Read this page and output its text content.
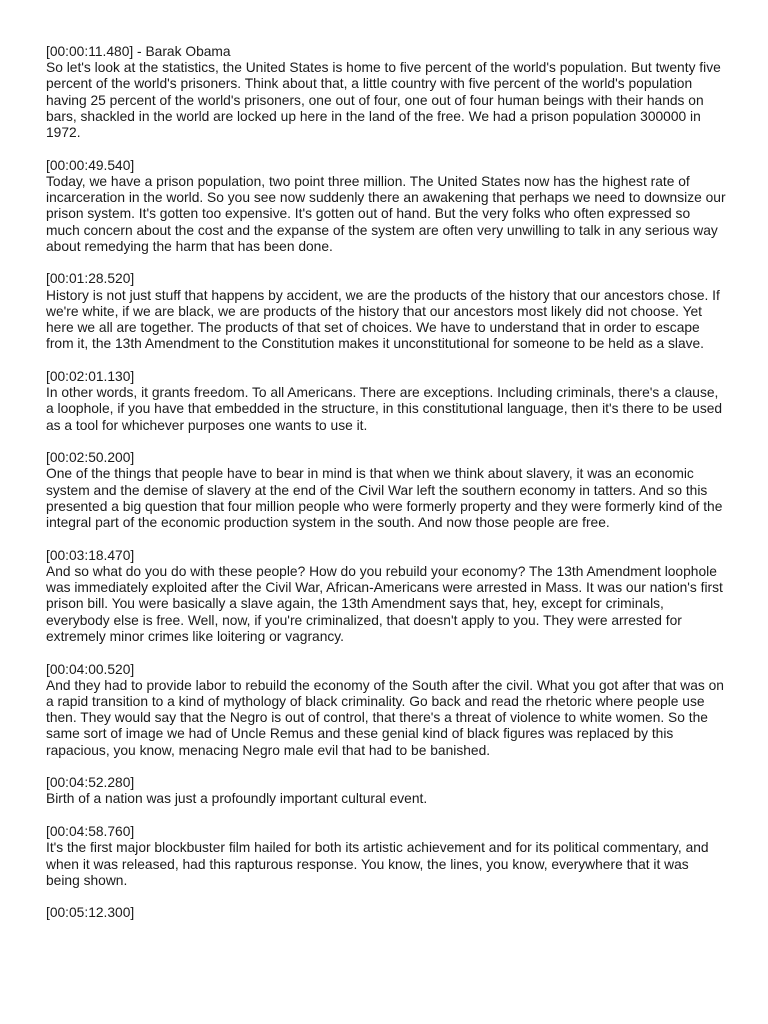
[00:00:11.480] - Barak Obama
So let's look at the statistics, the United States is home to five percent of the world's population. But twenty five percent of the world's prisoners. Think about that, a little country with five percent of the world's population having 25 percent of the world's prisoners, one out of four, one out of four human beings with their hands on bars, shackled in the world are locked up here in the land of the free. We had a prison population 300000 in 1972.
[00:00:49.540]
Today, we have a prison population, two point three million. The United States now has the highest rate of incarceration in the world. So you see now suddenly there an awakening that perhaps we need to downsize our prison system. It's gotten too expensive. It's gotten out of hand. But the very folks who often expressed so much concern about the cost and the expanse of the system are often very unwilling to talk in any serious way about remedying the harm that has been done.
[00:01:28.520]
History is not just stuff that happens by accident, we are the products of the history that our ancestors chose. If we're white, if we are black, we are products of the history that our ancestors most likely did not choose. Yet here we all are together. The products of that set of choices. We have to understand that in order to escape from it, the 13th Amendment to the Constitution makes it unconstitutional for someone to be held as a slave.
[00:02:01.130]
In other words, it grants freedom. To all Americans. There are exceptions. Including criminals, there's a clause, a loophole, if you have that embedded in the structure, in this constitutional language, then it's there to be used as a tool for whichever purposes one wants to use it.
[00:02:50.200]
One of the things that people have to bear in mind is that when we think about slavery, it was an economic system and the demise of slavery at the end of the Civil War left the southern economy in tatters. And so this presented a big question that four million people who were formerly property and they were formerly kind of the integral part of the economic production system in the south. And now those people are free.
[00:03:18.470]
And so what do you do with these people? How do you rebuild your economy? The 13th Amendment loophole was immediately exploited after the Civil War, African-Americans were arrested in Mass. It was our nation's first prison bill. You were basically a slave again, the 13th Amendment says that, hey, except for criminals, everybody else is free. Well, now, if you're criminalized, that doesn't apply to you. They were arrested for extremely minor crimes like loitering or vagrancy.
[00:04:00.520]
And they had to provide labor to rebuild the economy of the South after the civil. What you got after that was on a rapid transition to a kind of mythology of black criminality. Go back and read the rhetoric where people use then. They would say that the Negro is out of control, that there's a threat of violence to white women. So the same sort of image we had of Uncle Remus and these genial kind of black figures was replaced by this rapacious, you know, menacing Negro male evil that had to be banished.
[00:04:52.280]
Birth of a nation was just a profoundly important cultural event.
[00:04:58.760]
It's the first major blockbuster film hailed for both its artistic achievement and for its political commentary, and when it was released, had this rapturous response. You know, the lines, you know, everywhere that it was being shown.
[00:05:12.300]
